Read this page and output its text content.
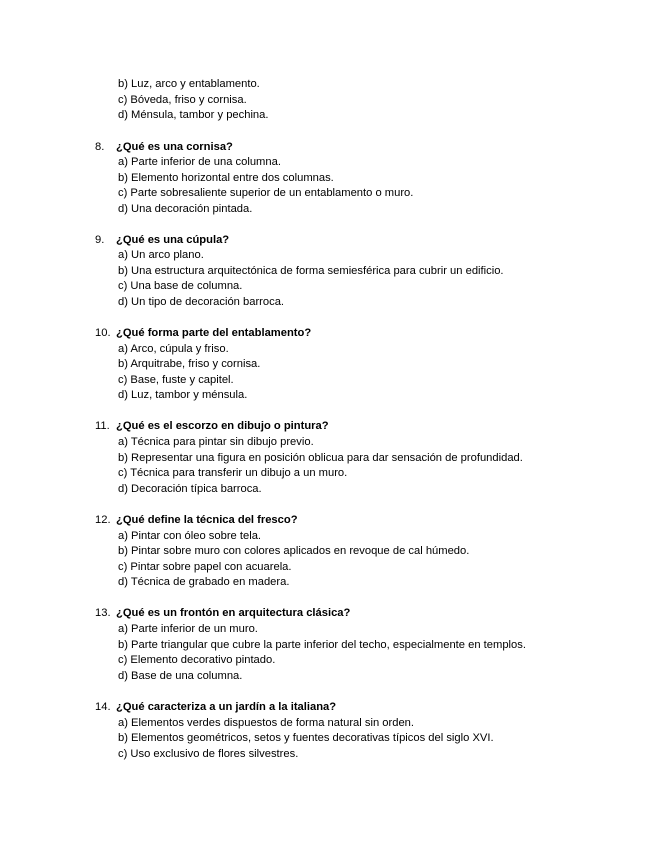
b) Luz, arco y entablamento.
c) Bóveda, friso y cornisa.
d) Ménsula, tambor y pechina.
8. ¿Qué es una cornisa?
a) Parte inferior de una columna.
b) Elemento horizontal entre dos columnas.
c) Parte sobresaliente superior de un entablamento o muro.
d) Una decoración pintada.
9. ¿Qué es una cúpula?
a) Un arco plano.
b) Una estructura arquitectónica de forma semiesférica para cubrir un edificio.
c) Una base de columna.
d) Un tipo de decoración barroca.
10. ¿Qué forma parte del entablamento?
a) Arco, cúpula y friso.
b) Arquitrabe, friso y cornisa.
c) Base, fuste y capitel.
d) Luz, tambor y ménsula.
11. ¿Qué es el escorzo en dibujo o pintura?
a) Técnica para pintar sin dibujo previo.
b) Representar una figura en posición oblicua para dar sensación de profundidad.
c) Técnica para transferir un dibujo a un muro.
d) Decoración típica barroca.
12. ¿Qué define la técnica del fresco?
a) Pintar con óleo sobre tela.
b) Pintar sobre muro con colores aplicados en revoque de cal húmedo.
c) Pintar sobre papel con acuarela.
d) Técnica de grabado en madera.
13. ¿Qué es un frontón en arquitectura clásica?
a) Parte inferior de un muro.
b) Parte triangular que cubre la parte inferior del techo, especialmente en templos.
c) Elemento decorativo pintado.
d) Base de una columna.
14. ¿Qué caracteriza a un jardín a la italiana?
a) Elementos verdes dispuestos de forma natural sin orden.
b) Elementos geométricos, setos y fuentes decorativas típicos del siglo XVI.
c) Uso exclusivo de flores silvestres.
